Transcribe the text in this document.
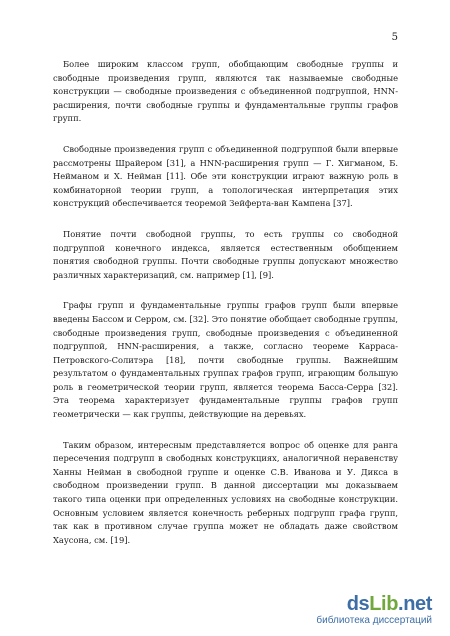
5

Более широким классом групп, обобщающим свободные группы и свободные произведения групп, являются так называемые свободные конструкции — свободные произведения с объединенной подгруппой, HNN-расширения, почти свободные группы и фундаментальные группы графов групп.

Свободные произведения групп с объединенной подгруппой были впервые рассмотрены Шрайером [31], а HNN-расширения групп — Г. Хигманом, Б. Нейманом и Х. Нейман [11]. Обе эти конструкции играют важную роль в комбинаторной теории групп, а топологическая интерпретация этих конструкций обеспечивается теоремой Зейферта-ван Кампена [37].

Понятие почти свободной группы, то есть группы со свободной подгруппой конечного индекса, является естественным обобщением понятия свободной группы. Почти свободные группы допускают множество различных характеризаций, см. например [1], [9].

Графы групп и фундаментальные группы графов групп были впервые введены Бассом и Серром, см. [32]. Это понятие обобщает свободные группы, свободные произведения групп, свободные произведения с объединенной подгруппой, HNN-расширения, а также, согласно теореме Карраса-Петровского-Солитэра [18], почти свободные группы. Важнейшим результатом о фундаментальных группах графов групп, играющим большую роль в геометрической теории групп, является теорема Басса-Серра [32]. Эта теорема характеризует фундаментальные группы графов групп геометрически — как группы, действующие на деревьях.

Таким образом, интересным представляется вопрос об оценке для ранга пересечения подгрупп в свободных конструкциях, аналогичной неравенству Ханны Нейман в свободной группе и оценке С.В. Иванова и У. Дикса в свободном произведении групп. В данной диссертации мы доказываем такого типа оценки при определенных условиях на свободные конструкции. Основным условием является конечность реберных подгрупп графа групп, так как в противном случае группа может не обладать даже свойством Хаусона, см. [19].

dsLib.net
библиотека диссертаций
